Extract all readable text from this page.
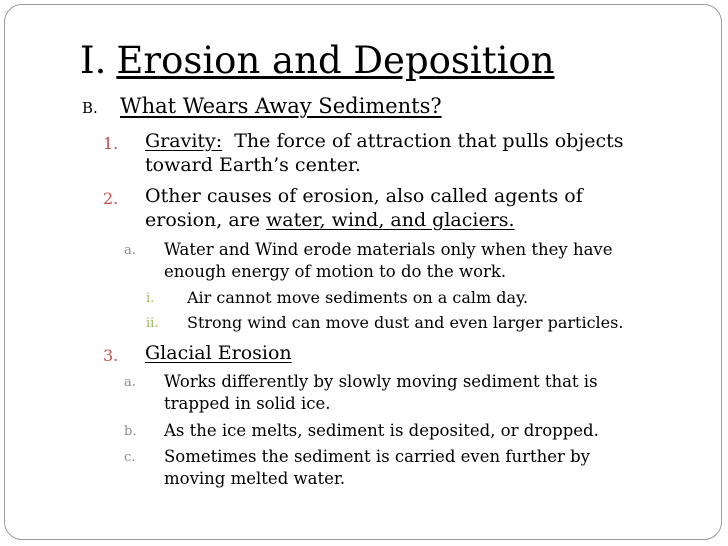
I. Erosion and Deposition
B. What Wears Away Sediments?
1. Gravity:  The force of attraction that pulls objects
toward Earth’s center.
2. Other causes of erosion, also called agents of
erosion, are water, wind, and glaciers.
a. Water and Wind erode materials only when they have
enough energy of motion to do the work.
i. Air cannot move sediments on a calm day.
ii. Strong wind can move dust and even larger particles.
3. Glacial Erosion
a. Works differently by slowly moving sediment that is
trapped in solid ice.
b. As the ice melts, sediment is deposited, or dropped.
c. Sometimes the sediment is carried even further by
moving melted water.
